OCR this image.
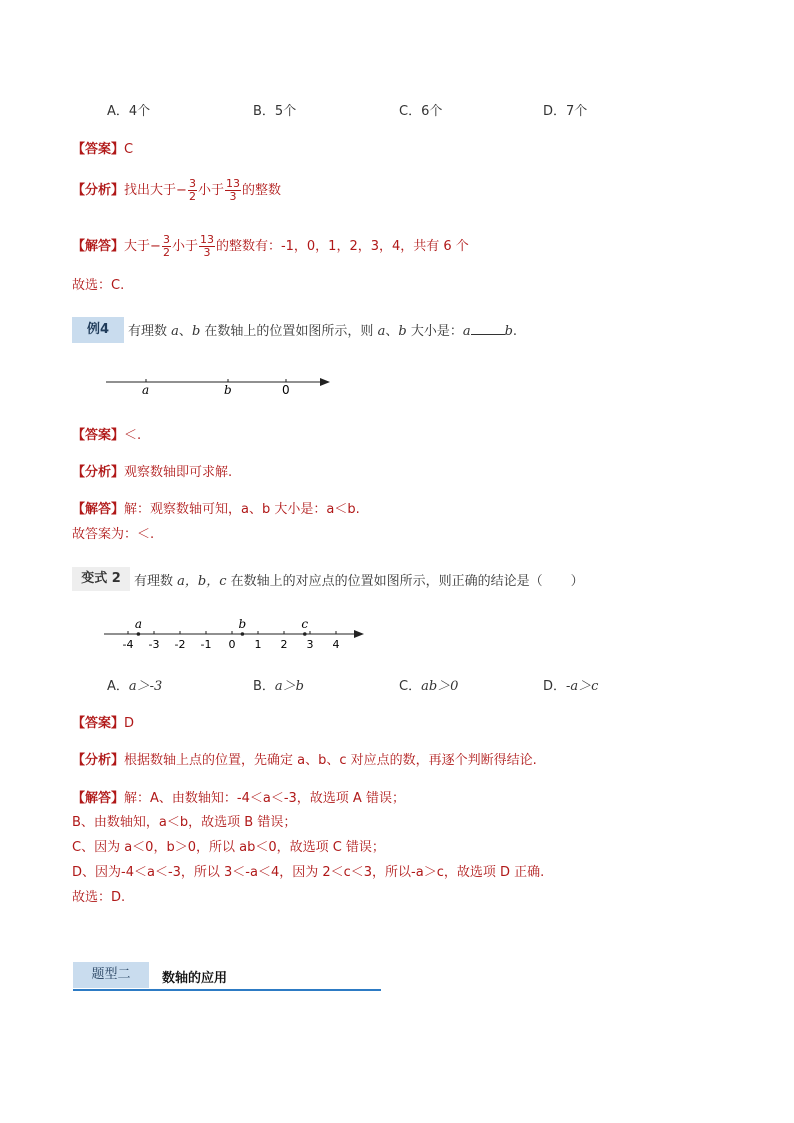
A．4个	B．5个	C．6个	D．7个
【答案】C
【分析】找出大于− $\frac{3}{2}$ 小于 $\frac{13}{3}$ 的整数
【解答】大于− $\frac{3}{2}$ 小于 $\frac{13}{3}$ 的整数有：-1，0，1，2，3，4，共有 6 个
故选：C.
例4	有理数 a、b 在数轴上的位置如图所示，则 a、b 大小是：a	b.
a	b	0
【答案】＜.
【分析】观察数轴即可求解.
【解答】解：观察数轴可知，a、b 大小是：a＜b.
故答案为：＜.
变式 2	有理数 a，b，c 在数轴上的对应点的位置如图所示，则正确的结论是（ ）
-4 -3 -2 -1 0 1 2 3 4
a	b	c
A．a＞-3	B．a＞b	C．ab＞0	D．-a＞c
【答案】D
【分析】根据数轴上点的位置，先确定 a、b、c 对应点的数，再逐个判断得结论.
【解答】解：A、由数轴知：-4＜a＜-3，故选项 A 错误；
B、由数轴知，a＜b，故选项 B 错误；
C、因为 a＜0，b＞0，所以 ab＜0，故选项 C 错误；
D、因为-4＜a＜-3，所以 3＜-a＜4，因为 2＜c＜3，所以-a＞c，故选项 D 正确.
故选：D.
题型二	数轴的应用
